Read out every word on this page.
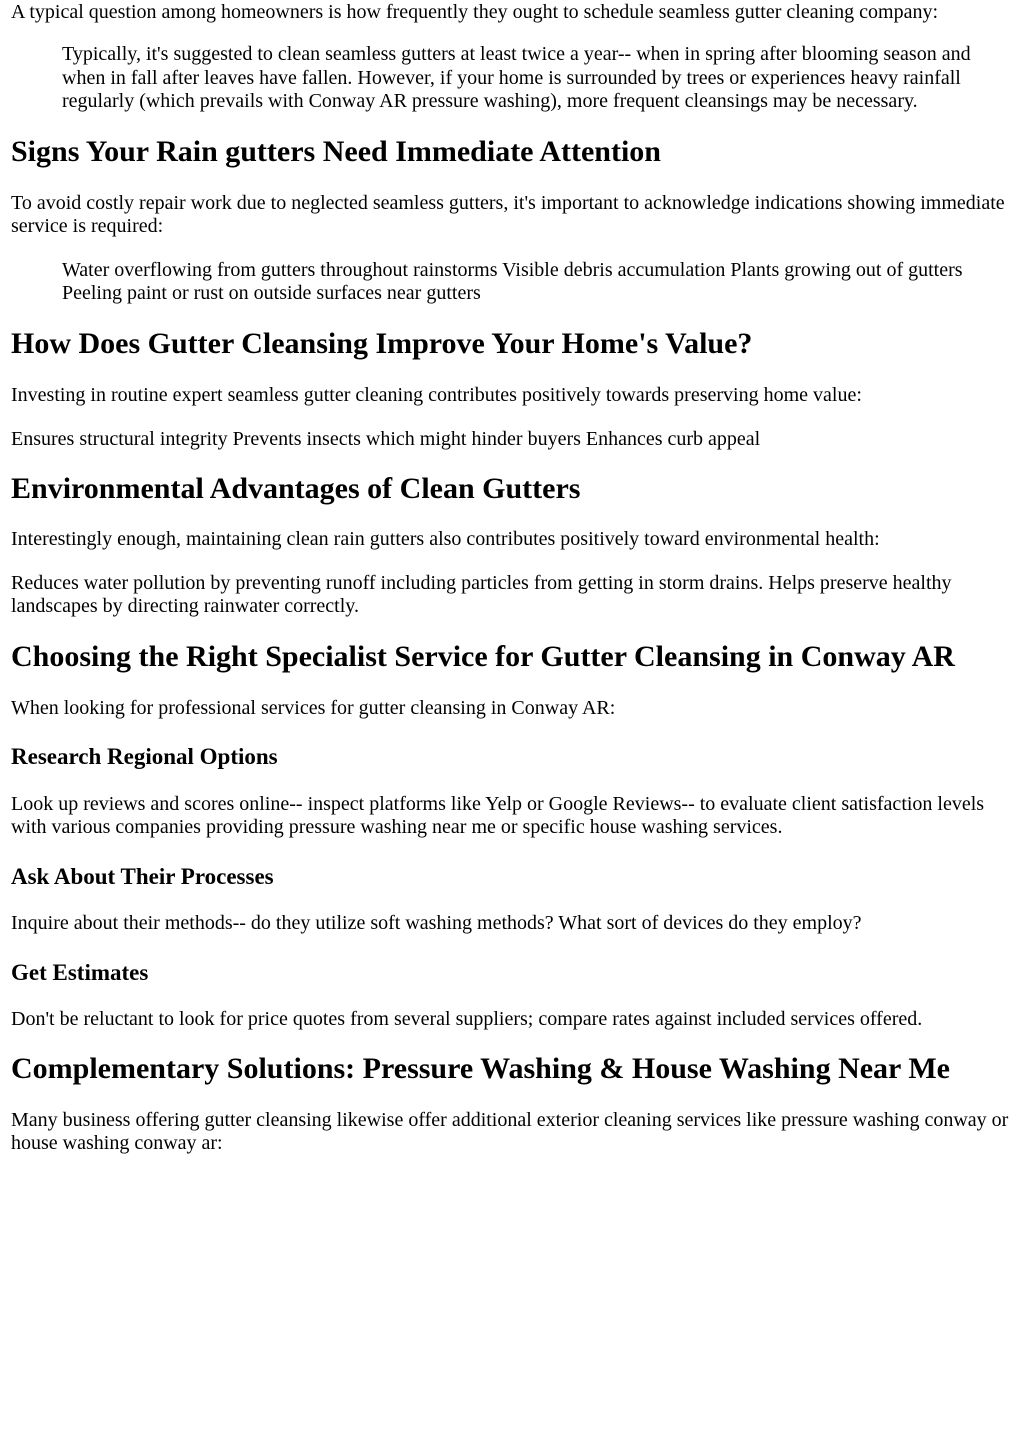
A typical question among homeowners is how frequently they ought to schedule seamless gutter cleaning company:

Typically, it's suggested to clean seamless gutters at least twice a year-- when in spring after blooming season and when in fall after leaves have fallen. However, if your home is surrounded by trees or experiences heavy rainfall regularly (which prevails with Conway AR pressure washing), more frequent cleansings may be necessary.
Signs Your Rain gutters Need Immediate Attention

To avoid costly repair work due to neglected seamless gutters, it's important to acknowledge indications showing immediate service is required:

Water overflowing from gutters throughout rainstorms Visible debris accumulation Plants growing out of gutters Peeling paint or rust on outside surfaces near gutters
How Does Gutter Cleansing Improve Your Home's Value?

Investing in routine expert seamless gutter cleaning contributes positively towards preserving home value:

Ensures structural integrity Prevents insects which might hinder buyers Enhances curb appeal

Environmental Advantages of Clean Gutters

Interestingly enough, maintaining clean rain gutters also contributes positively toward environmental health:

Reduces water pollution by preventing runoff including particles from getting in storm drains. Helps preserve healthy landscapes by directing rainwater correctly.

Choosing the Right Specialist Service for Gutter Cleansing in Conway AR

When looking for professional services for gutter cleansing in Conway AR:

Research Regional Options

Look up reviews and scores online-- inspect platforms like Yelp or Google Reviews-- to evaluate client satisfaction levels with various companies providing pressure washing near me or specific house washing services.

Ask About Their Processes

Inquire about their methods-- do they utilize soft washing methods? What sort of devices do they employ?

Get Estimates

Don't be reluctant to look for price quotes from several suppliers; compare rates against included services offered.

Complementary Solutions: Pressure Washing & House Washing Near Me

Many business offering gutter cleansing likewise offer additional exterior cleaning services like pressure washing conway or house washing conway ar:
